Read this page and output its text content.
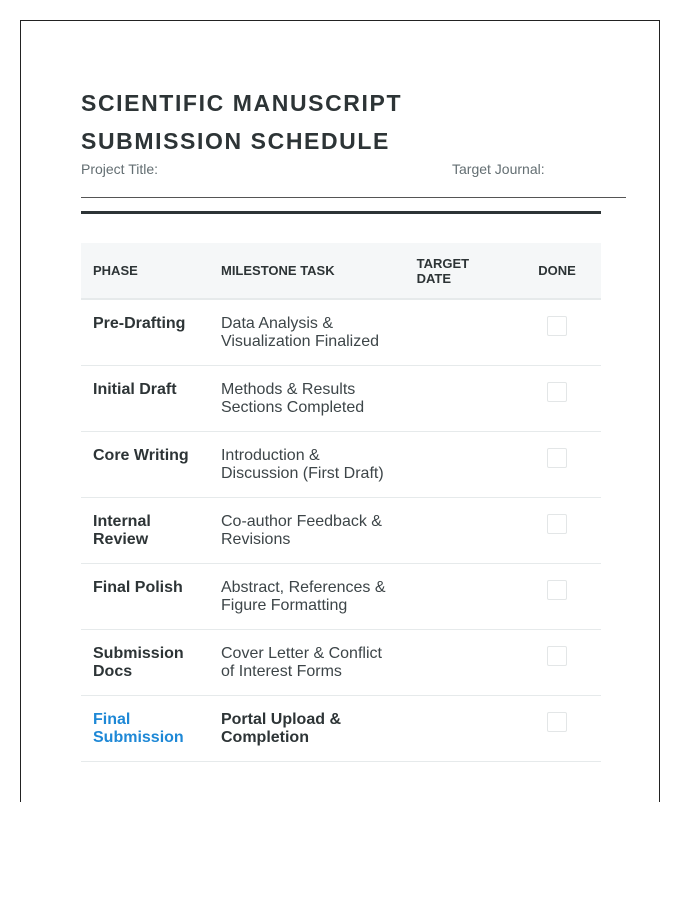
SCIENTIFIC MANUSCRIPT
SUBMISSION SCHEDULE
Project Title:	Target Journal:
PHASE	MILESTONE TASK	TARGET DATE	DONE
Pre-Drafting	Data Analysis & Visualization Finalized		
Initial Draft	Methods & Results Sections Completed		
Core Writing	Introduction & Discussion (First Draft)		
Internal Review	Co-author Feedback & Revisions		
Final Polish	Abstract, References & Figure Formatting		
Submission Docs	Cover Letter & Conflict of Interest Forms		
Final Submission	Portal Upload & Completion		
